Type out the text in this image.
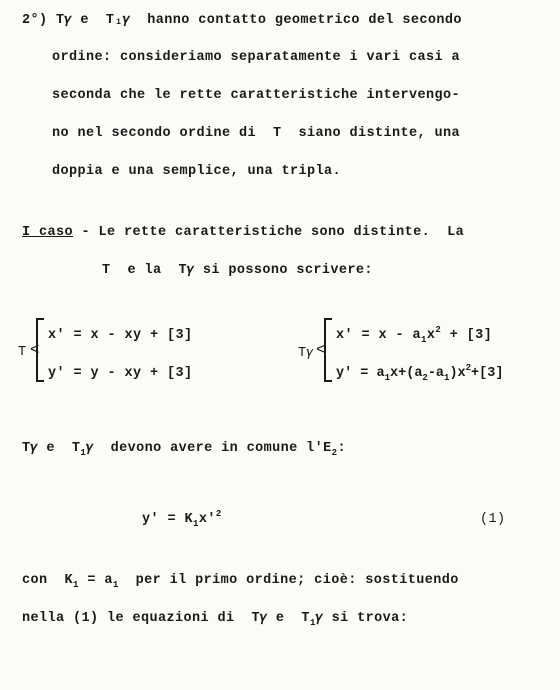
2°) T𝛾 e  T₁𝛾  hanno contatto geometrico del secondo
ordine: consideriamo separatamente i vari casi a
seconda che le rette caratteristiche intervengo-
no nel secondo ordine di  T  siano distinte, una
doppia e una semplice, una tripla.
I caso - Le rette caratteristiche sono distinte.  La
T  e la  T𝛾 si possono scrivere:
T <
x' = x - xy + [3]
y' = y - xy + [3]
T𝛾 <
$x' = x - a_1x^2 + [3]$
$y' = a_1x+(a_2-a_1)x^2+[3]$
T𝛾 e  $T_1𝛾$  devono avere in comune $l'E_2$:
$y' = K_1x'^2$	(1)
con  $K_1 = a_1$  per il primo ordine; cioè: sostituendo
nella (1) le equazioni di  T𝛾 e  $T_1𝛾$ si trova:
